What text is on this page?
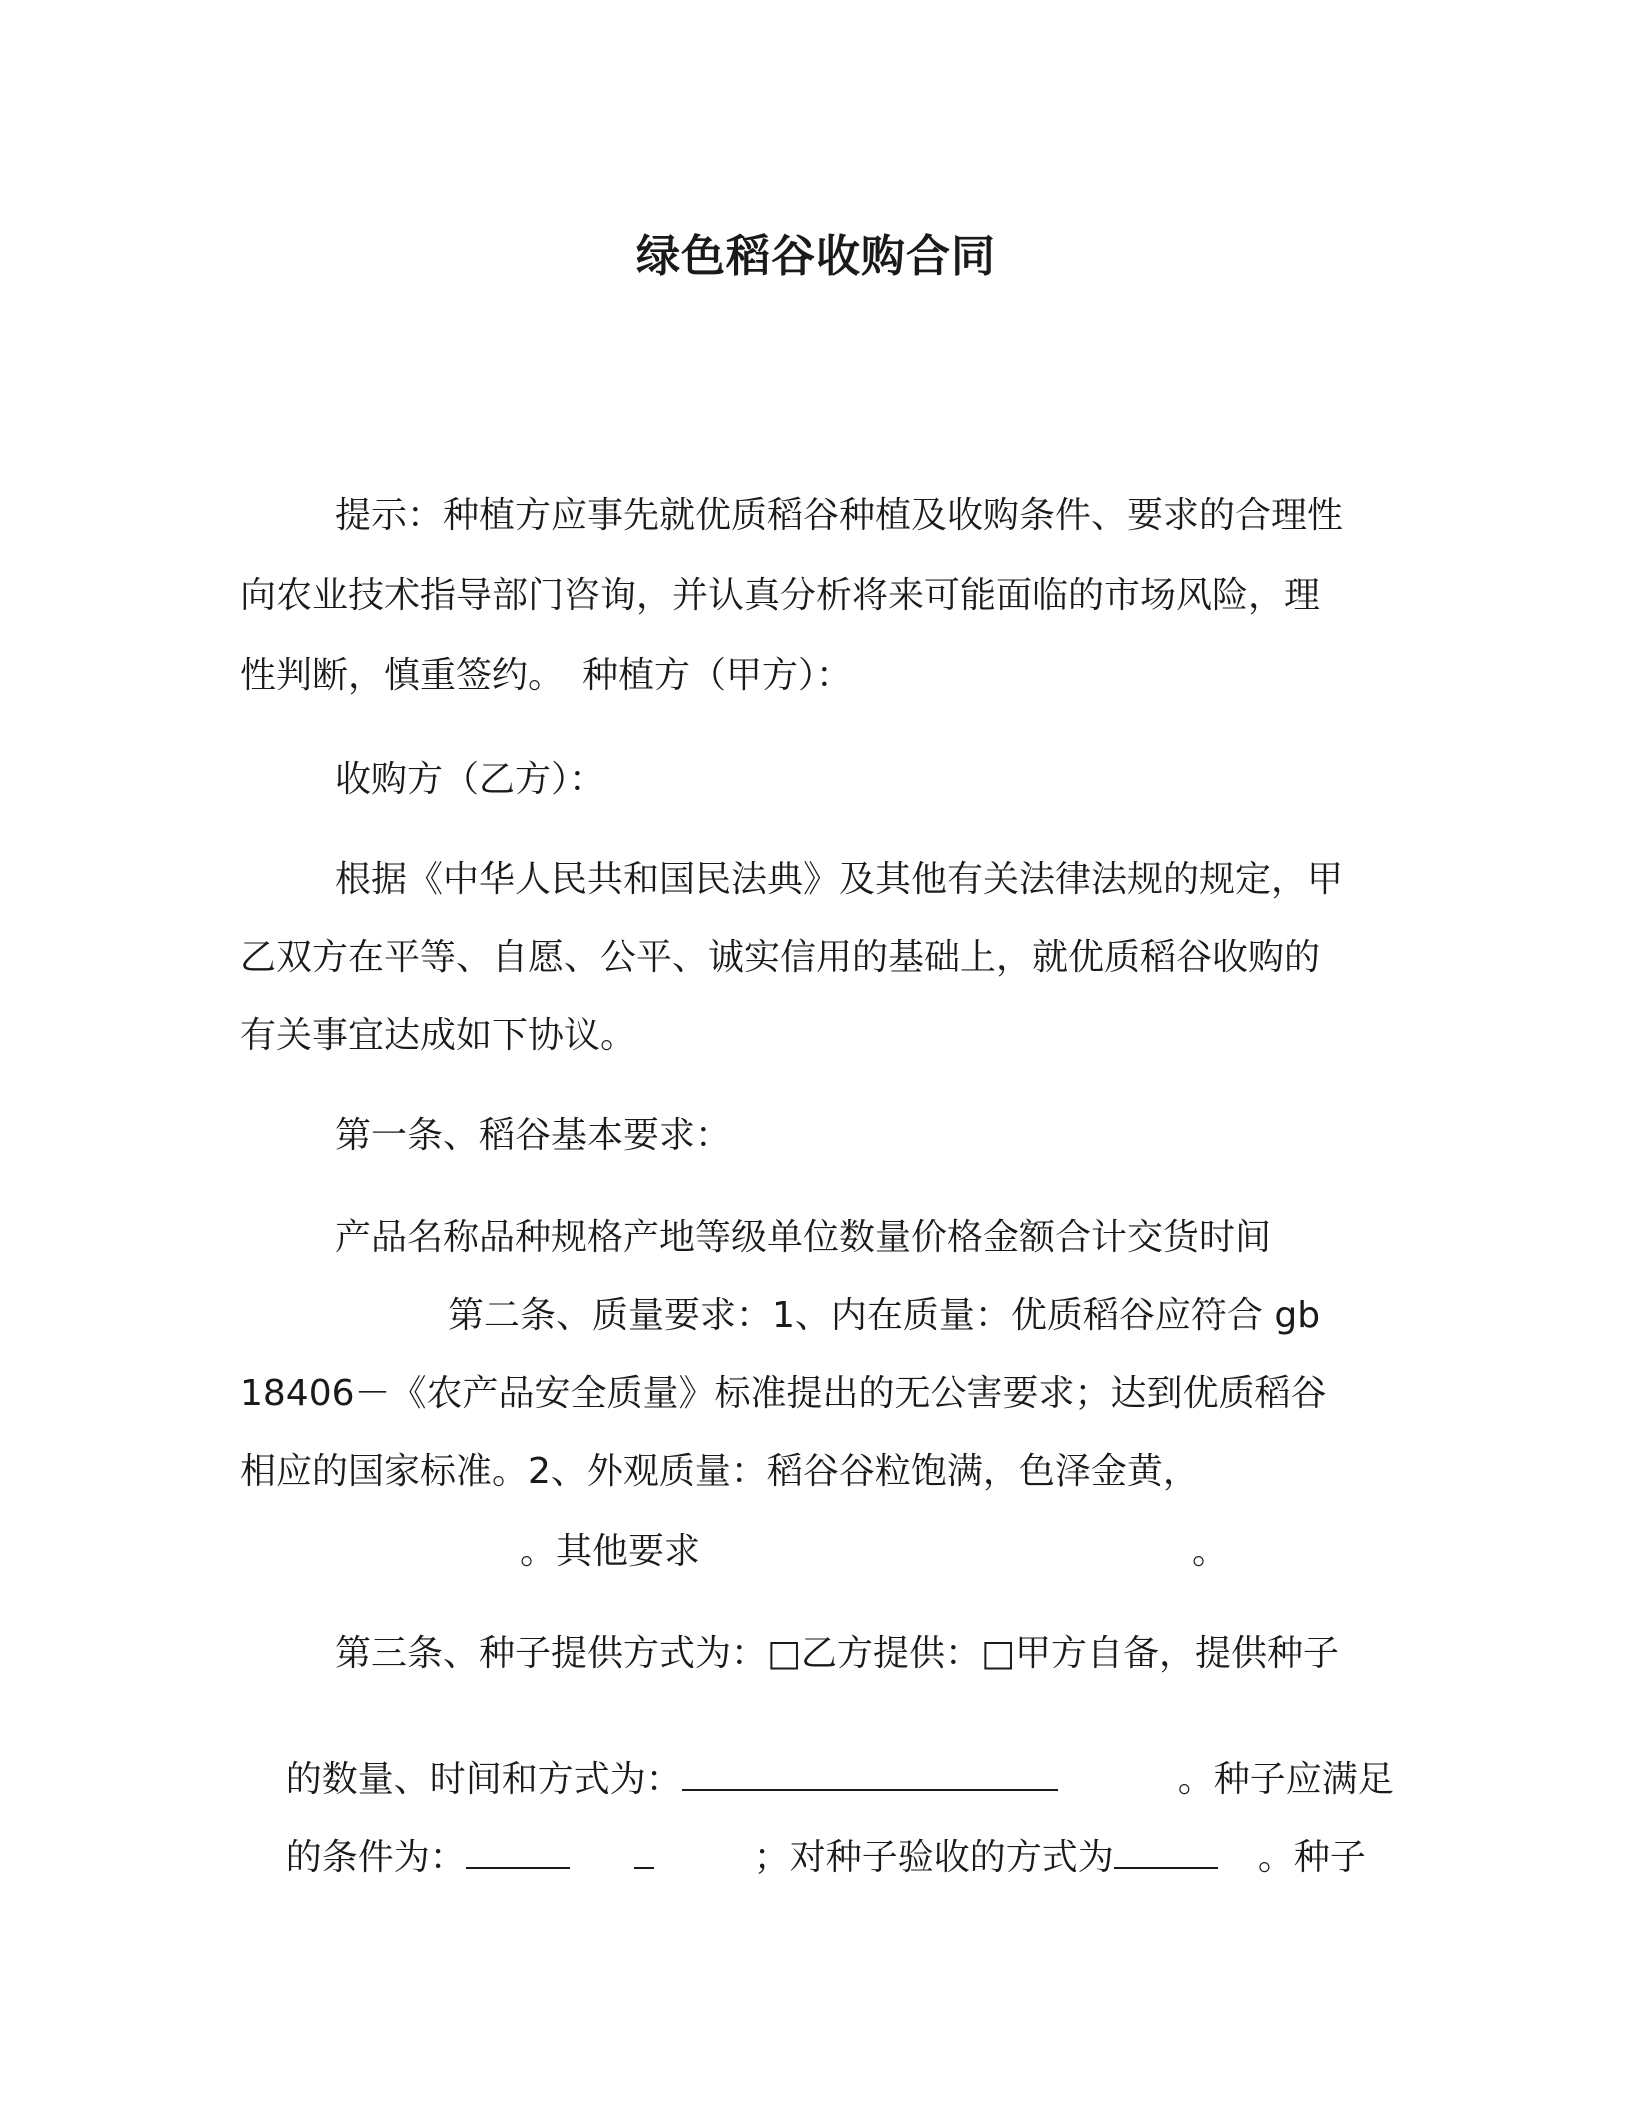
绿色稻谷收购合同
提示：种植方应事先就优质稻谷种植及收购条件、要求的合理性
向农业技术指导部门咨询，并认真分析将来可能面临的市场风险，理
性判断，慎重签约。　种植方（甲方）：
收购方（乙方）：
根据《中华人民共和国民法典》及其他有关法律法规的规定，甲
乙双方在平等、自愿、公平、诚实信用的基础上，就优质稻谷收购的
有关事宜达成如下协议。
第一条、稻谷基本要求：
产品名称品种规格产地等级单位数量价格金额合计交货时间
第二条、质量要求：1、内在质量：优质稻谷应符合 gb
18406－《农产品安全质量》标准提出的无公害要求；达到优质稻谷
相应的国家标准。2、外观质量：稻谷谷粒饱满，色泽金黄，
。其他要求	。
第三条、种子提供方式为：□乙方提供：□甲方自备，提供种子

的数量、时间和方式为：	。种子应满足

的条件为：	；对种子验收的方式为	。种子
